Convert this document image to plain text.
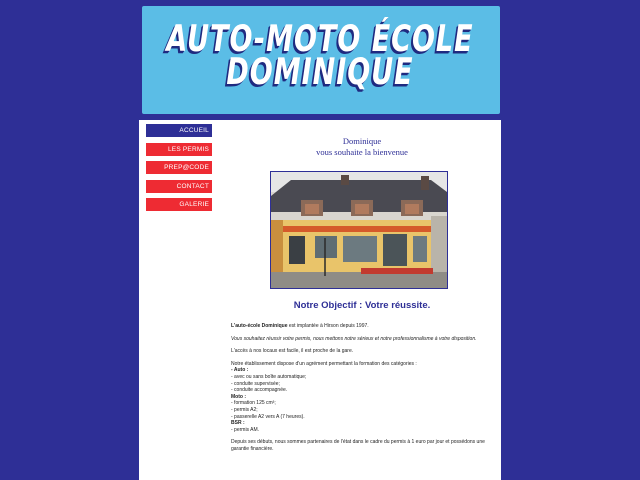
AUTO-MOTO ÉCOLE
DOMINIQUE
ACCUEIL
LES PERMIS
PREP@CODE
CONTACT
GALERIE
Dominique
vous souhaite la bienvenue
Notre Objectif : Votre réussite.

L'auto-école Dominique est implantée à Hirson depuis 1997.

Vous souhaitez réussir votre permis, nous mettons notre sérieux et notre professionnalisme à votre disposition.

L'accès à nos locaux est facile, il est proche de la gare.

Notre établissement dispose d'un agrément permettant la formation des catégories :
- Auto :
- avec ou sans boîte automatique;
- conduite supervisée;
- conduite accompagnée.
Moto :
- formation 125 cm³;
- permis A2;
- passerelle A2 vers A (7 heures).
BSR :
- permis AM.

Depuis ses débuts, nous sommes partenaires de l'état dans le cadre du permis à 1 euro par jour et possédons une garantie financière.
